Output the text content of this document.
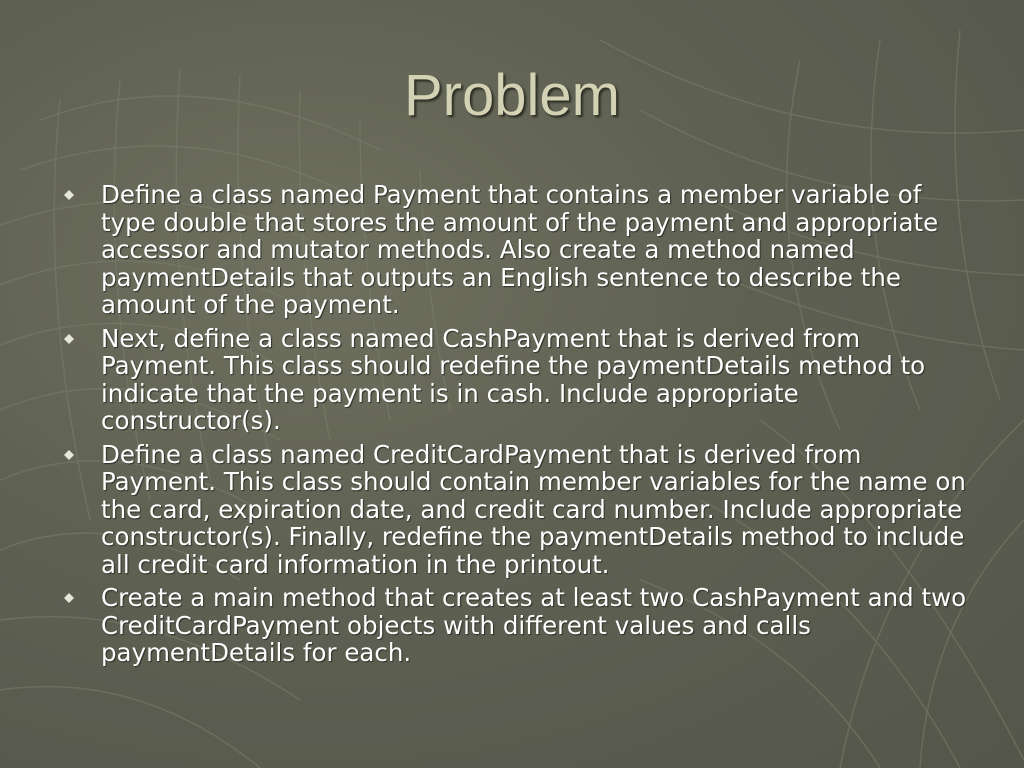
Problem
Define a class named Payment that contains a member variable of type double that stores the amount of the payment and appropriate accessor and mutator methods. Also create a method named paymentDetails that outputs an English sentence to describe the amount of the payment.
Next, define a class named CashPayment that is derived from Payment. This class should redefine the paymentDetails method to indicate that the payment is in cash. Include appropriate constructor(s).
Define a class named CreditCardPayment that is derived from Payment. This class should contain member variables for the name on the card, expiration date, and credit card number. Include appropriate constructor(s). Finally, redefine the paymentDetails method to include all credit card information in the printout.
Create a main method that creates at least two CashPayment and two CreditCardPayment objects with different values and calls paymentDetails for each.
